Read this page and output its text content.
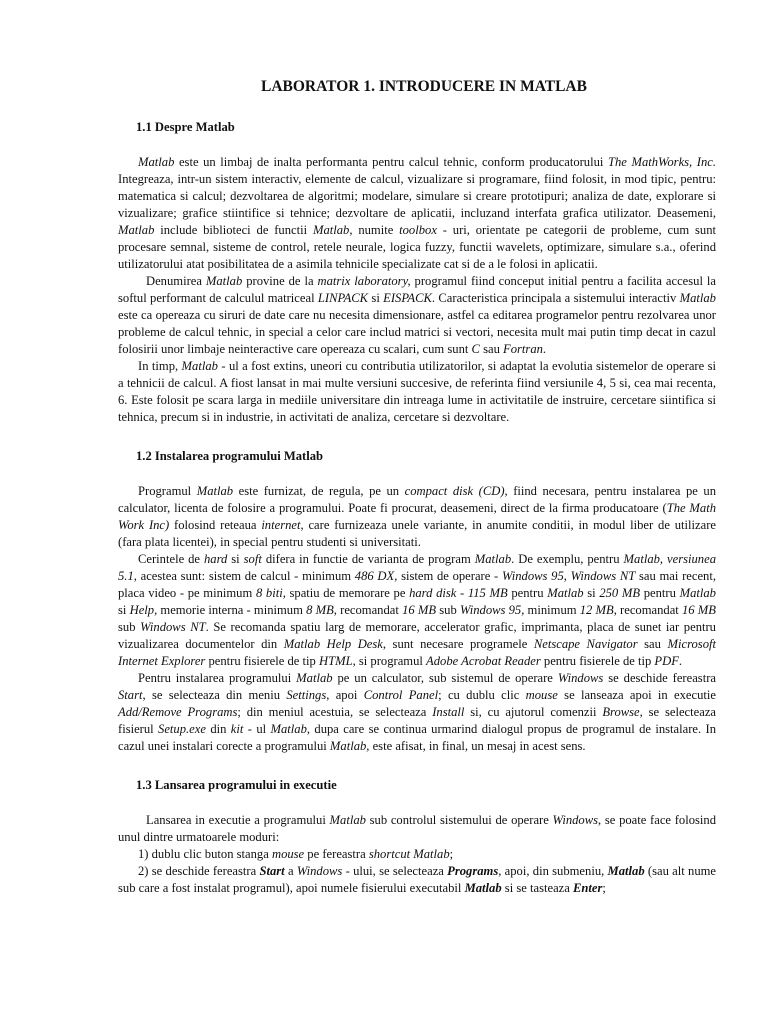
LABORATOR 1. INTRODUCERE IN MATLAB
1.1 Despre Matlab

Matlab este un limbaj de inalta performanta pentru calcul tehnic, conform producatorului The MathWorks, Inc. Integreaza, intr-un sistem interactiv, elemente de calcul, vizualizare si programare, fiind folosit, in mod tipic, pentru: matematica si calcul; dezvoltarea de algoritmi; modelare, simulare si creare prototipuri; analiza de date, explorare si vizualizare; grafice stiintifice si tehnice; dezvoltare de aplicatii, incluzand interfata grafica utilizator. Deasemeni, Matlab include biblioteci de functii Matlab, numite toolbox - uri, orientate pe categorii de probleme, cum sunt procesare semnal, sisteme de control, retele neurale, logica fuzzy, functii wavelets, optimizare, simulare s.a., oferind utilizatorului atat posibilitatea de a asimila tehnicile specializate cat si de a le folosi in aplicatii.

Denumirea Matlab provine de la matrix laboratory, programul fiind conceput initial pentru a facilita accesul la softul performant de calculul matriceal LINPACK si EISPACK. Caracteristica principala a sistemului interactiv Matlab este ca opereaza cu siruri de date care nu necesita dimensionare, astfel ca editarea programelor pentru rezolvarea unor probleme de calcul tehnic, in special a celor care includ matrici si vectori, necesita mult mai putin timp decat in cazul folosirii unor limbaje neinteractive care opereaza cu scalari, cum sunt C sau Fortran.

In timp, Matlab - ul a fost extins, uneori cu contributia utilizatorilor, si adaptat la evolutia sistemelor de operare si a tehnicii de calcul. A fiost lansat in mai multe versiuni succesive, de referinta fiind versiunile 4, 5 si, cea mai recenta, 6. Este folosit pe scara larga in mediile universitare din intreaga lume in activitatile de instruire, cercetare siintifica si tehnica, precum si in industrie, in activitati de analiza, cercetare si dezvoltare.

1.2 Instalarea programului Matlab

Programul Matlab este furnizat, de regula, pe un compact disk (CD), fiind necesara, pentru instalarea pe un calculator, licenta de folosire a programului. Poate fi procurat, deasemeni, direct de la firma producatoare (The Math Work Inc) folosind reteaua internet, care furnizeaza unele variante, in anumite conditii, in modul liber de utilizare (fara plata licentei), in special pentru studenti si universitati.

Cerintele de hard si soft difera in functie de varianta de program Matlab. De exemplu, pentru Matlab, versiunea 5.1, acestea sunt: sistem de calcul - minimum 486 DX, sistem de operare - Windows 95, Windows NT sau mai recent, placa video - pe minimum 8 biti, spatiu de memorare pe hard disk - 115 MB pentru Matlab si 250 MB pentru Matlab si Help, memorie interna - minimum 8 MB, recomandat 16 MB sub Windows 95, minimum 12 MB, recomandat 16 MB sub Windows NT. Se recomanda spatiu larg de memorare, accelerator grafic, imprimanta, placa de sunet iar pentru vizualizarea documentelor din Matlab Help Desk, sunt necesare programele Netscape Navigator sau Microsoft Internet Explorer pentru fisierele de tip HTML, si programul Adobe Acrobat Reader pentru fisierele de tip PDF.

Pentru instalarea programului Matlab pe un calculator, sub sistemul de operare Windows se deschide fereastra Start, se selecteaza din meniu Settings, apoi Control Panel; cu dublu clic mouse se lanseaza apoi in executie Add/Remove Programs; din meniul acestuia, se selecteaza Install si, cu ajutorul comenzii Browse, se selecteaza fisierul Setup.exe din kit - ul Matlab, dupa care se continua urmarind dialogul propus de programul de instalare. In cazul unei instalari corecte a programului Matlab, este afisat, in final, un mesaj in acest sens.

1.3 Lansarea programului in executie

Lansarea in executie a programului Matlab sub controlul sistemului de operare Windows, se poate face folosind unul dintre urmatoarele moduri:

1) dublu clic buton stanga mouse pe fereastra shortcut Matlab;

2) se deschide fereastra Start a Windows - ului, se selecteaza Programs, apoi, din submeniu, Matlab (sau alt nume sub care a fost instalat programul), apoi numele fisierului executabil Matlab si se tasteaza Enter;
